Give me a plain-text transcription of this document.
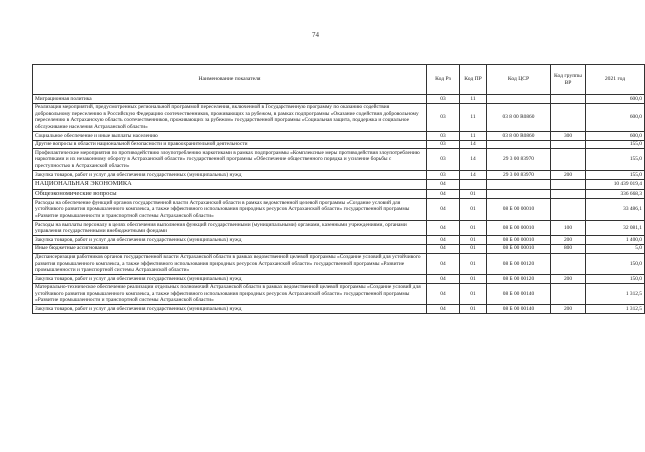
74
Наименование показателя	Код Рз	Код ПР	Код ЦСР	Код группы ВР	2021 год
Миграционная политика	03	11			600,0
Реализация мероприятий, предусмотренных региональной программой переселения, включенной в Государственную программу по оказанию содействия добровольному переселению в Российскую Федерацию соотечественников, проживающих за рубежом, в рамках подпрограммы «Оказание содействия добровольному переселению в Астраханскую область соотечественников, проживающих за рубежом» государственной программы «Социальная защита, поддержка и социальное обслуживание населения Астраханской области»	03	11	03 8 00 R0860		600,0
Социальное обеспечение и иные выплаты населению	03	11	03 8 00 R0860	300	600,0
Другие вопросы в области национальной безопасности и правоохранительной деятельности	03	14			155,0
Профилактические мероприятия по противодействию злоупотреблению наркотиками в рамках подпрограммы «Комплексные меры противодействия злоупотреблению наркотиками и их незаконному обороту в Астраханской области» государственной программы «Обеспечение общественного порядка и усиление борьбы с преступностью в Астраханской области»	03	14	29 3 00 83970		155,0
Закупка товаров, работ и услуг для обеспечения государственных (муниципальных) нужд	03	14	29 3 00 83970	200	155,0
НАЦИОНАЛЬНАЯ ЭКОНОМИКА	04				10 439 019,4
Общеэкономические вопросы	04	01			336 668,3
Расходы на обеспечение функций органов государственной власти Астраханской области в рамках ведомственной целевой программы «Создание условий для устойчивого развития промышленного комплекса, а также эффективного использования природных ресурсов Астраханской области» государственной программы «Развитие промышленности и транспортной системы Астраханской области»	04	01	08 Б 00 00010		33 486,1
Расходы на выплаты персоналу в целях обеспечения выполнения функций государственными (муниципальными) органами, казенными учреждениями, органами управления государственными внебюджетными фондами	04	01	08 Б 00 00010	100	32 081,1
Закупка товаров, работ и услуг для обеспечения государственных (муниципальных) нужд	04	01	08 Б 00 00010	200	1 400,0
Иные бюджетные ассигнования	04	01	08 Б 00 00010	800	5,0
Диспансеризация работников органов государственной власти Астраханской области в рамках ведомственной целевой программы «Создание условий для устойчивого развития промышленного комплекса, а также эффективного использования природных ресурсов Астраханской области» государственной программы «Развитие промышленности и транспортной системы Астраханской области»	04	01	08 Б 00 00120		150,0
Закупка товаров, работ и услуг для обеспечения государственных (муниципальных) нужд	04	01	08 Б 00 00120	200	150,0
Материально-техническое обеспечение реализации отдельных полномочий Астраханской области в рамках ведомственной целевой программы «Создание условий для устойчивого развития промышленного комплекса, а также эффективного использования природных ресурсов Астраханской области» государственной программы «Развитие промышленности и транспортной системы Астраханской области»	04	01	08 Б 00 00140		1 312,5
Закупка товаров, работ и услуг для обеспечения государственных (муниципальных) нужд	04	01	08 Б 00 00140	200	1 312,5
